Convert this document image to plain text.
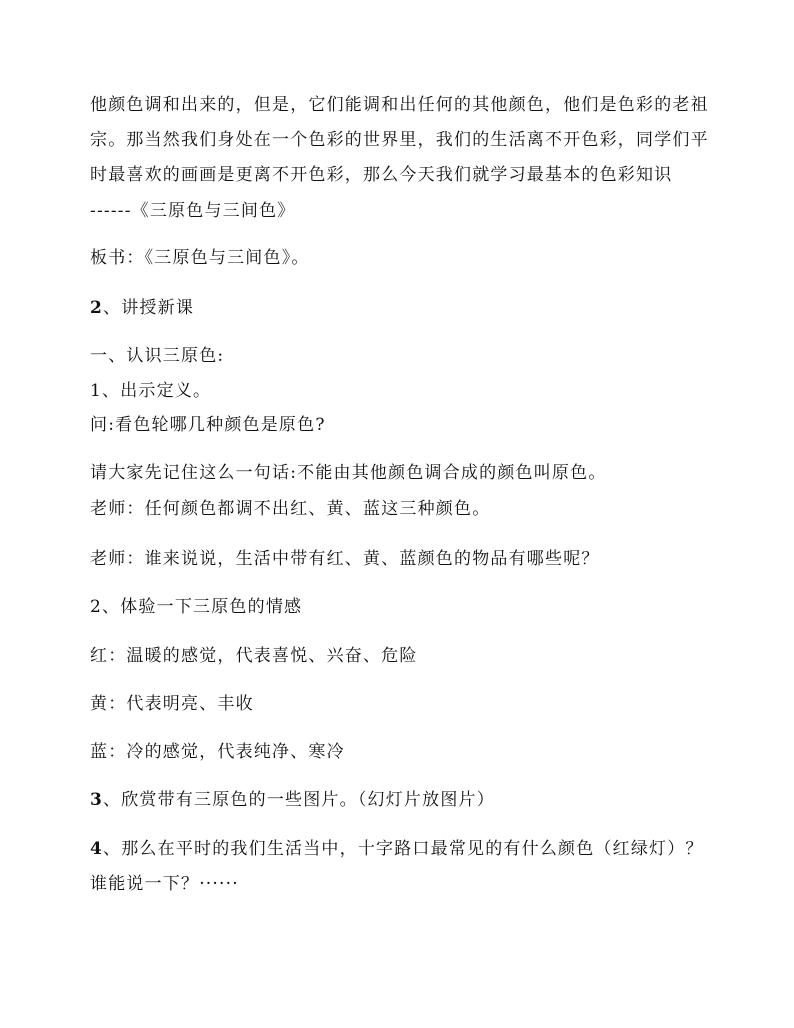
他颜色调和出来的，但是，它们能调和出任何的其他颜色，他们是色彩的老祖
宗。那当然我们身处在一个色彩的世界里，我们的生活离不开色彩，同学们平
时最喜欢的画画是更离不开色彩，那么今天我们就学习最基本的色彩知识
------《三原色与三间色》
板书：《三原色与三间色》。
2、讲授新课
一、认识三原色:
1、出示定义。
问:看色轮哪几种颜色是原色?
请大家先记住这么一句话:不能由其他颜色调合成的颜色叫原色。
老师：任何颜色都调不出红、黄、蓝这三种颜色。
老师：谁来说说，生活中带有红、黄、蓝颜色的物品有哪些呢？
2、体验一下三原色的情感
红：温暖的感觉，代表喜悦、兴奋、危险
黄：代表明亮、丰收
蓝：冷的感觉，代表纯净、寒冷
3、欣赏带有三原色的一些图片。（幻灯片放图片）
4、那么在平时的我们生活当中，十字路口最常见的有什么颜色（红绿灯）？
谁能说一下？······
